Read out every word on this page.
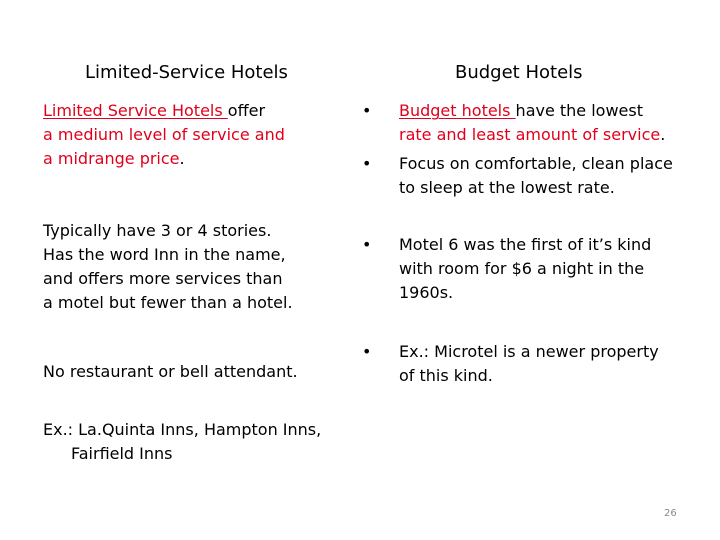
Limited-Service Hotels	Budget Hotels
Limited Service Hotels offer
a medium level of service and
a midrange price.
Typically have 3 or 4 stories.
Has the word Inn in the name,
and offers more services than
a motel but fewer than a hotel.
No restaurant or bell attendant.
Ex.: La.Quinta Inns, Hampton Inns,
Fairfield Inns
• Budget hotels have the lowest
rate and least amount of service.
• Focus on comfortable, clean place
to sleep at the lowest rate.
• Motel 6 was the first of it’s kind
with room for $6 a night in the
1960s.
• Ex.: Microtel is a newer property
of this kind.
26
